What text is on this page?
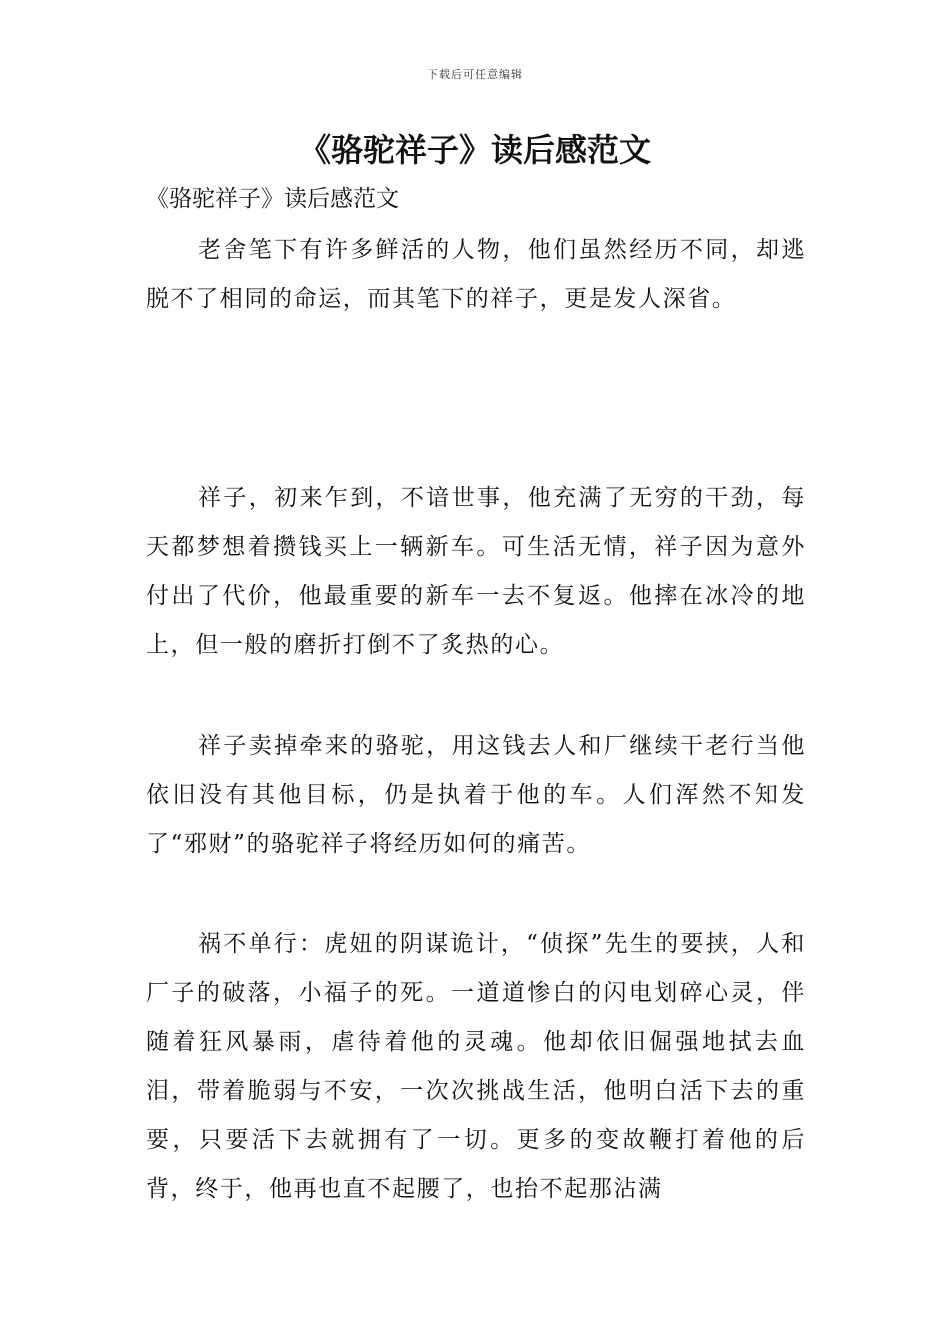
下载后可任意编辑
《骆驼祥子》读后感范文

《骆驼祥子》读后感范文

老舍笔下有许多鲜活的人物，他们虽然经历不同，却逃脱不了相同的命运，而其笔下的祥子，更是发人深省。

祥子，初来乍到，不谙世事，他充满了无穷的干劲，每天都梦想着攒钱买上一辆新车。可生活无情，祥子因为意外付出了代价，他最重要的新车一去不复返。他摔在冰冷的地上，但一般的磨折打倒不了炙热的心。

祥子卖掉牵来的骆驼，用这钱去人和厂继续干老行当他依旧没有其他目标，仍是执着于他的车。人们浑然不知发了“邪财”的骆驼祥子将经历如何的痛苦。

祸不单行：虎妞的阴谋诡计，“侦探”先生的要挟，人和厂子的破落，小福子的死。一道道惨白的闪电划碎心灵，伴随着狂风暴雨，虐待着他的灵魂。他却依旧倔强地拭去血泪，带着脆弱与不安，一次次挑战生活，他明白活下去的重要，只要活下去就拥有了一切。更多的变故鞭打着他的后背，终于，他再也直不起腰了，也抬不起那沾满
